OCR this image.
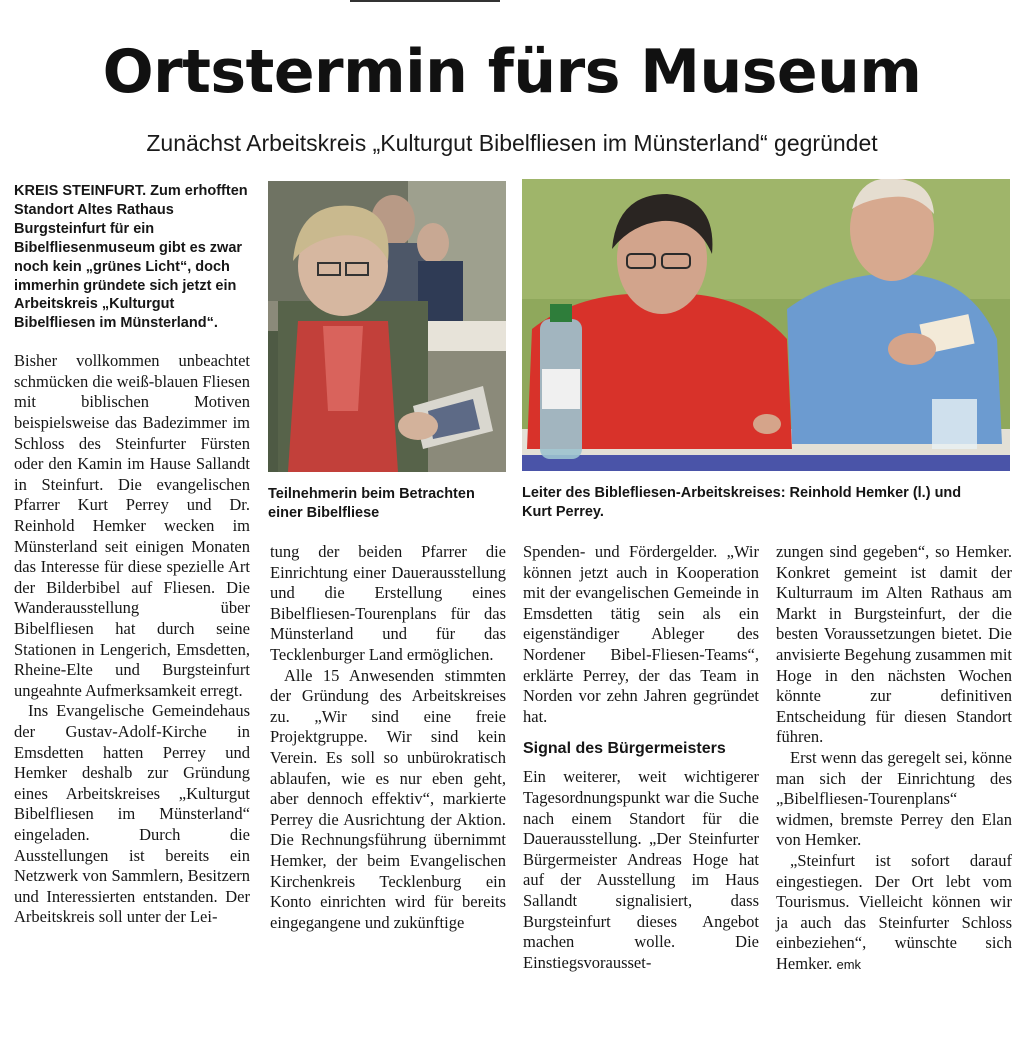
Ortstermin fürs Museum
Zunächst Arbeitskreis „Kulturgut Bibelfliesen im Münsterland“ gegründet
Teilnehmerin beim Betrachten einer Bibelfliese
Leiter des Biblefliesen-Arbeitskreises: Reinhold Hemker (l.) und Kurt Perrey.

KREIS STEINFURT. Zum erhofften Standort Altes Rathaus Burgsteinfurt für ein Bibelfliesenmuseum gibt es zwar noch kein „grünes Licht“, doch immerhin gründete sich jetzt ein Arbeitskreis „Kulturgut Bibelfliesen im Münsterland“.

Bisher vollkommen unbeachtet schmücken die weiß-blauen Fliesen mit biblischen Motiven beispielsweise das Badezimmer im Schloss des Steinfurter Fürsten oder den Kamin im Hause Sallandt in Steinfurt. Die evangelischen Pfarrer Kurt Perrey und Dr. Reinhold Hemker wecken im Münsterland seit einigen Monaten das Interesse für diese spezielle Art der Bilderbibel auf Fliesen. Die Wanderausstellung über Bibelfliesen hat durch seine Stationen in Lengerich, Emsdetten, Rheine-Elte und Burgsteinfurt ungeahnte Aufmerksamkeit erregt.

Ins Evangelische Gemeindehaus der Gustav-Adolf-Kirche in Emsdetten hatten Perrey und Hemker deshalb zur Gründung eines Arbeitskreises „Kulturgut Bibelfliesen im Münsterland“ eingeladen. Durch die Ausstellungen ist bereits ein Netzwerk von Sammlern, Besitzern und Interessierten entstanden. Der Arbeitskreis soll unter der Lei-

tung der beiden Pfarrer die Einrichtung einer Dauerausstellung und die Erstellung eines Bibelfliesen-Tourenplans für das Münsterland und für das Tecklenburger Land ermöglichen.

Alle 15 Anwesenden stimmten der Gründung des Arbeitskreises zu. „Wir sind eine freie Projektgruppe. Wir sind kein Verein. Es soll so unbürokratisch ablaufen, wie es nur eben geht, aber dennoch effektiv“, markierte Perrey die Ausrichtung der Aktion. Die Rechnungsführung übernimmt Hemker, der beim Evangelischen Kirchenkreis Tecklenburg ein Konto einrichten wird für bereits eingegangene und zukünftige

Spenden- und Fördergelder. „Wir können jetzt auch in Kooperation mit der evangelischen Gemeinde in Emsdetten tätig sein als ein eigenständiger Ableger des Nordener Bibel-Fliesen-Teams“, erklärte Perrey, der das Team in Norden vor zehn Jahren gegründet hat.

Signal des Bürgermeisters

Ein weiterer, weit wichtigerer Tagesordnungspunkt war die Suche nach einem Standort für die Dauerausstellung. „Der Steinfurter Bürgermeister Andreas Hoge hat auf der Ausstellung im Haus Sallandt signalisiert, dass Burgsteinfurt dieses Angebot machen wolle. Die Einstiegsvorausset-

zungen sind gegeben“, so Hemker. Konkret gemeint ist damit der Kulturraum im Alten Rathaus am Markt in Burgsteinfurt, der die besten Voraussetzungen bietet. Die anvisierte Begehung zusammen mit Hoge in den nächsten Wochen könnte zur definitiven Entscheidung für diesen Standort führen.

Erst wenn das geregelt sei, könne man sich der Einrichtung des „Bibelfliesen-Tourenplans“ widmen, bremste Perrey den Elan von Hemker.

„Steinfurt ist sofort darauf eingestiegen. Der Ort lebt vom Tourismus. Vielleicht können wir ja auch das Steinfurter Schloss einbeziehen“, wünschte sich Hemker. emk
